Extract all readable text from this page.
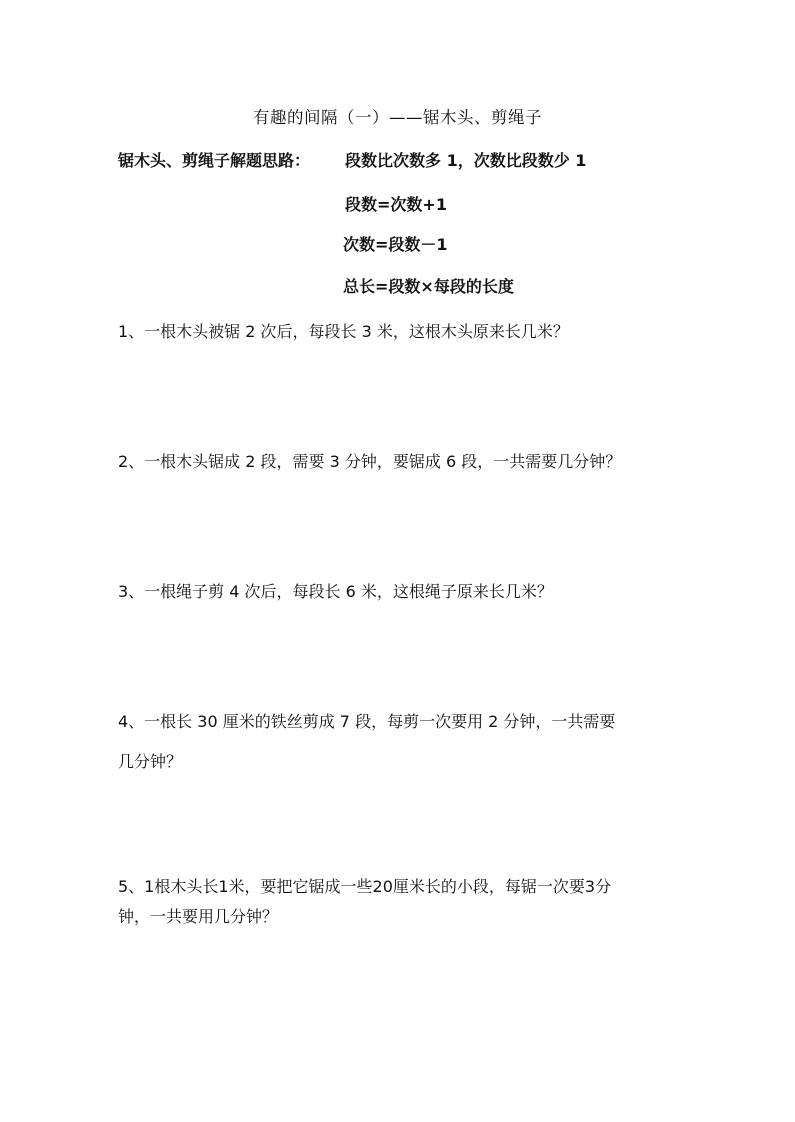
有趣的间隔（一）——锯木头、剪绳子
锯木头、剪绳子解题思路： 段数比次数多 1，次数比段数少 1
段数=次数+1
次数=段数－1
总长=段数×每段的长度
1、一根木头被锯 2 次后，每段长 3 米，这根木头原来长几米？
2、一根木头锯成 2 段，需要 3 分钟，要锯成 6 段，一共需要几分钟？
3、一根绳子剪 4 次后，每段长 6 米，这根绳子原来长几米？
4、一根长 30 厘米的铁丝剪成 7 段，每剪一次要用 2 分钟，一共需要
几分钟？
5、1根木头长1米，要把它锯成一些20厘米长的小段，每锯一次要3分
钟，一共要用几分钟？
